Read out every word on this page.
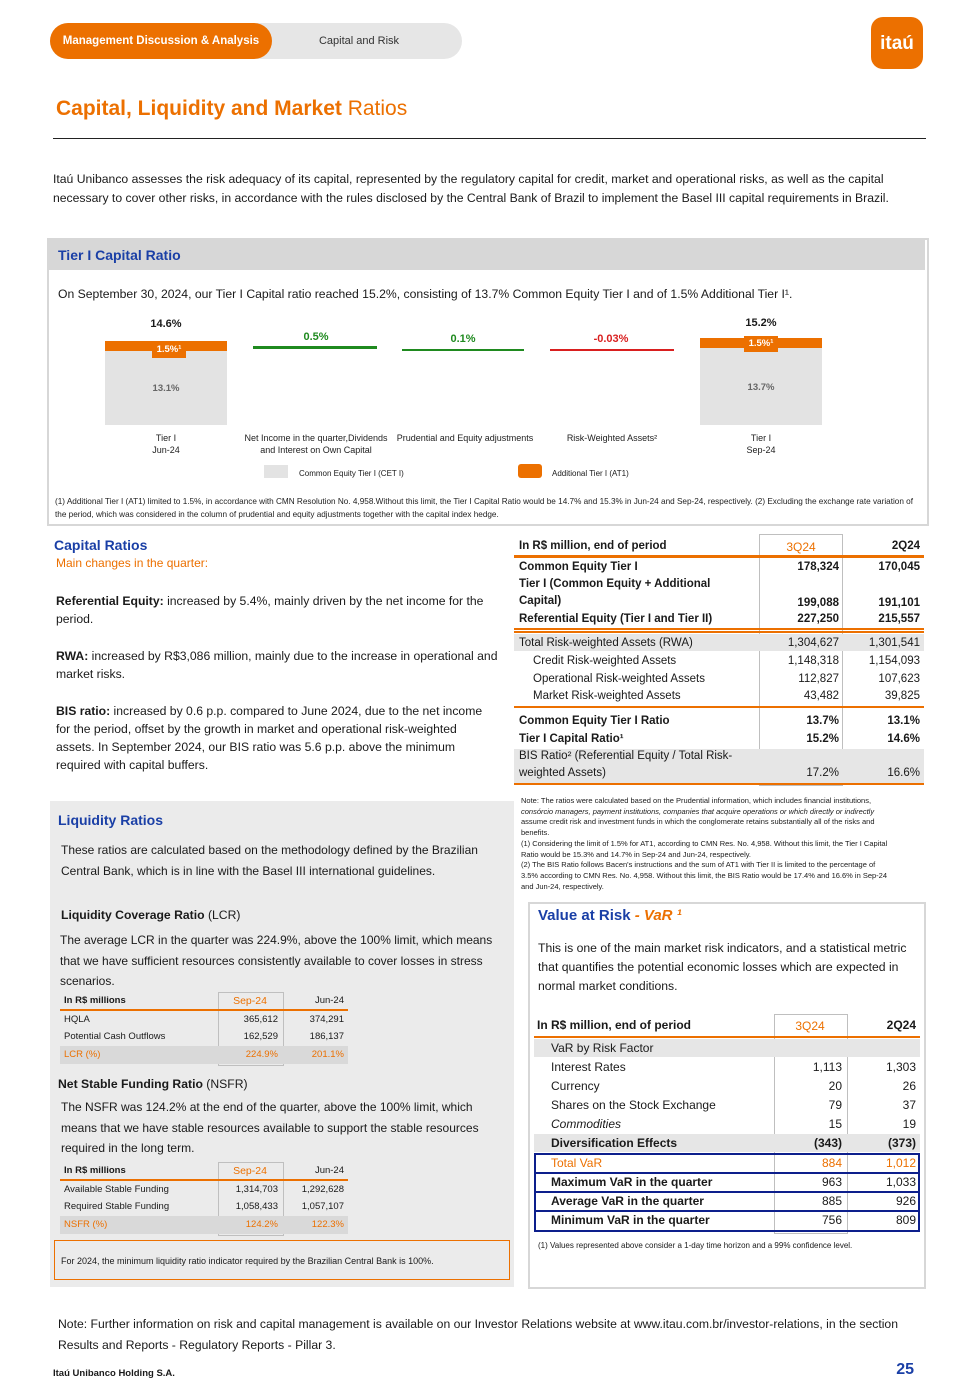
Management Discussion & Analysis	Capital and Risk	itaú
Capital, Liquidity and Market Ratios
Itaú Unibanco assesses the risk adequacy of its capital, represented by the regulatory capital for credit, market and operational risks, as well as the capital necessary to cover other risks, in accordance with the rules disclosed by the Central Bank of Brazil to implement the Basel III capital requirements in Brazil.
Tier I Capital Ratio
On September 30, 2024, our Tier I Capital ratio reached 15.2%, consisting of 13.7% Common Equity Tier I and of 1.5% Additional Tier I¹.
14.6%
1.5%¹
13.1%
0.5%	0.1%	-0.03%
15.2%
1.5%¹
13.7%
Tier I
Jun-24
Net Income in the quarter,Dividends
and Interest on Own Capital
Prudential and Equity adjustments	Risk-Weighted Assets²	Tier I
Sep-24
Common Equity Tier I (CET I)	Additional Tier I (AT1)
(1) Additional Tier I (AT1) limited to 1.5%, in accordance with CMN Resolution No. 4,958.Without this limit, the Tier I Capital Ratio would be 14.7% and 15.3% in Jun-24 and Sep-24, respectively. (2) Excluding the exchange rate variation of the period, which was considered in the column of prudential and equity adjustments together with the capital index hedge.
Capital Ratios
Main changes in the quarter:
Referential Equity: increased by 5.4%, mainly driven by the net income for the period.
RWA: increased by R$3,086 million, mainly due to the increase in operational and market risks.
BIS ratio: increased by 0.6 p.p. compared to June 2024, due to the net income for the period, offset by the growth in market and operational risk-weighted assets. In September 2024, our BIS ratio was 5.6 p.p. above the minimum required with capital buffers.
In R$ million, end of period	3Q24	2Q24
Common Equity Tier I	178,324	170,045
Tier I (Common Equity + Additional
Capital)	199,088	191,101
Referential Equity (Tier I and Tier II)	227,250	215,557
Total Risk-weighted Assets (RWA)	1,304,627	1,301,541
Credit Risk-weighted Assets	1,148,318	1,154,093
Operational Risk-weighted Assets	112,827	107,623
Market Risk-weighted Assets	43,482	39,825
Common Equity Tier I Ratio	13.7%	13.1%
Tier I Capital Ratio¹	15.2%	14.6%
BIS Ratio² (Referential Equity / Total Risk-
weighted Assets)	17.2%	16.6%
Note: The ratios were calculated based on the Prudential information, which includes financial institutions,
consórcio managers, payment institutions, companies that acquire operations or which directly or indirectly
assume credit risk and investment funds in which the conglomerate retains substantially all of the risks and
benefits.
(1) Considering the limit of 1.5% for AT1, according to CMN Res. No. 4,958. Without this limit, the Tier I Capital
Ratio would be 15.3% and 14.7% in Sep-24 and Jun-24, respectively.
(2) The BIS Ratio follows Bacen's instructions and the sum of AT1 with Tier II is limited to the percentage of
3.5% according to CMN Res. No. 4,958. Without this limit, the BIS Ratio would be 17.4% and 16.6% in Sep-24
and Jun-24, respectively.
Liquidity Ratios
These ratios are calculated based on the methodology defined by the Brazilian Central Bank, which is in line with the Basel III international guidelines.
Liquidity Coverage Ratio (LCR)
The average LCR in the quarter was 224.9%, above the 100% limit, which means that we have sufficient resources consistently available to cover losses in stress scenarios.
In R$ millions	Sep-24	Jun-24
HQLA	365,612	374,291
Potential Cash Outflows	162,529	186,137
LCR (%)	224.9%	201.1%
Net Stable Funding Ratio (NSFR)
The NSFR was 124.2% at the end of the quarter, above the 100% limit, which means that we have stable resources available to support the stable resources required in the long term.
In R$ millions	Sep-24	Jun-24
Available Stable Funding	1,314,703	1,292,628
Required Stable Funding	1,058,433	1,057,107
NSFR (%)	124.2%	122.3%
For 2024, the minimum liquidity ratio indicator required by the Brazilian Central Bank is 100%.
Value at Risk - VaR ¹
This is one of the main market risk indicators, and a statistical metric that quantifies the potential economic losses which are expected in normal market conditions.
In R$ million, end of period	3Q24	2Q24
VaR by Risk Factor
Interest Rates	1,113	1,303
Currency	20	26
Shares on the Stock Exchange	79	37
Commodities	15	19
Diversification Effects	(343)	(373)
Total VaR	884	1,012
Maximum VaR in the quarter	963	1,033
Average VaR in the quarter	885	926
Minimum VaR in the quarter	756	809
(1) Values represented above consider a 1-day time horizon and a 99% confidence level.
Note: Further information on risk and capital management is available on our Investor Relations website at www.itau.com.br/investor-relations, in the section Results and Reports - Regulatory Reports - Pillar 3.
Itaú Unibanco Holding S.A.	25
